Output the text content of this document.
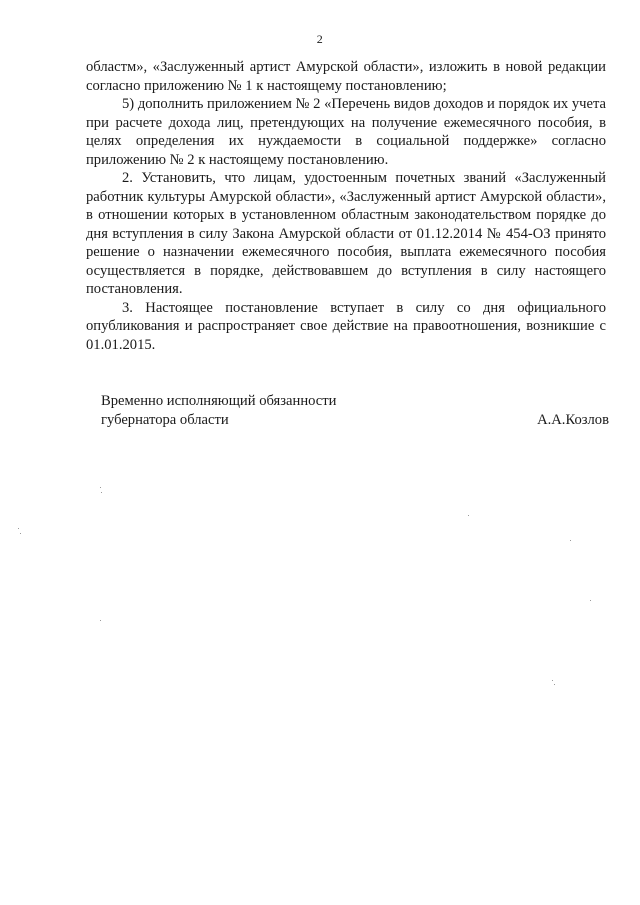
2

областм», «Заслуженный артист Амурской области», изложить в новой редакции согласно приложению № 1 к настоящему постановлению;

5) дополнить приложением № 2 «Перечень видов доходов и порядок их учета при расчете дохода лиц, претендующих на получение ежемесячного пособия, в целях определения их нуждаемости в социальной поддержке» согласно приложению № 2 к настоящему постановлению.

2. Установить, что лицам, удостоенным почетных званий «Заслуженный работник культуры Амурской области», «Заслуженный артист Амурской области», в отношении которых в установленном областным законодательством порядке до дня вступления в силу Закона Амурской области от 01.12.2014 № 454-ОЗ принято решение о назначении ежемесячного пособия, выплата ежемесячного пособия осуществляется в порядке, действовавшем до вступления в силу настоящего постановления.

3. Настоящее постановление вступает в силу со дня официального опубликования и распространяет свое действие на правоотношения, возникшие с 01.01.2015.

Временно исполняющий обязанности
губернатора области	А.А.Козлов
